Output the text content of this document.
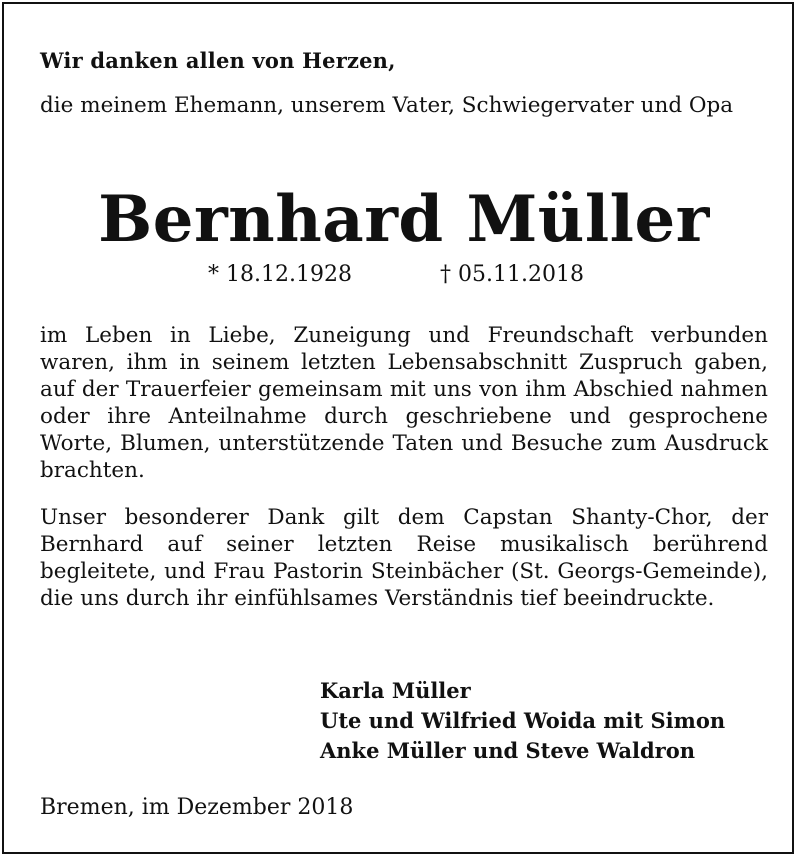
Wir danken allen von Herzen,
die meinem Ehemann, unserem Vater, Schwiegervater und Opa
Bernhard Müller
* 18.12.1928	† 05.11.2018
im Leben in Liebe, Zuneigung und Freundschaft verbunden waren, ihm in seinem letzten Lebensabschnitt Zuspruch gaben, auf der Trauerfeier gemeinsam mit uns von ihm Abschied nahmen oder ihre Anteilnahme durch geschriebene und gesprochene Worte, Blumen, unterstützende Taten und Besuche zum Ausdruck brachten.
Unser besonderer Dank gilt dem Capstan Shanty-Chor, der Bernhard auf seiner letzten Reise musikalisch berührend begleitete, und Frau Pastorin Steinbächer (St. Georgs-Gemeinde), die uns durch ihr einfühlsames Verständnis tief beeindruckte.
Karla Müller
Ute und Wilfried Woida mit Simon
Anke Müller und Steve Waldron
Bremen, im Dezember 2018
